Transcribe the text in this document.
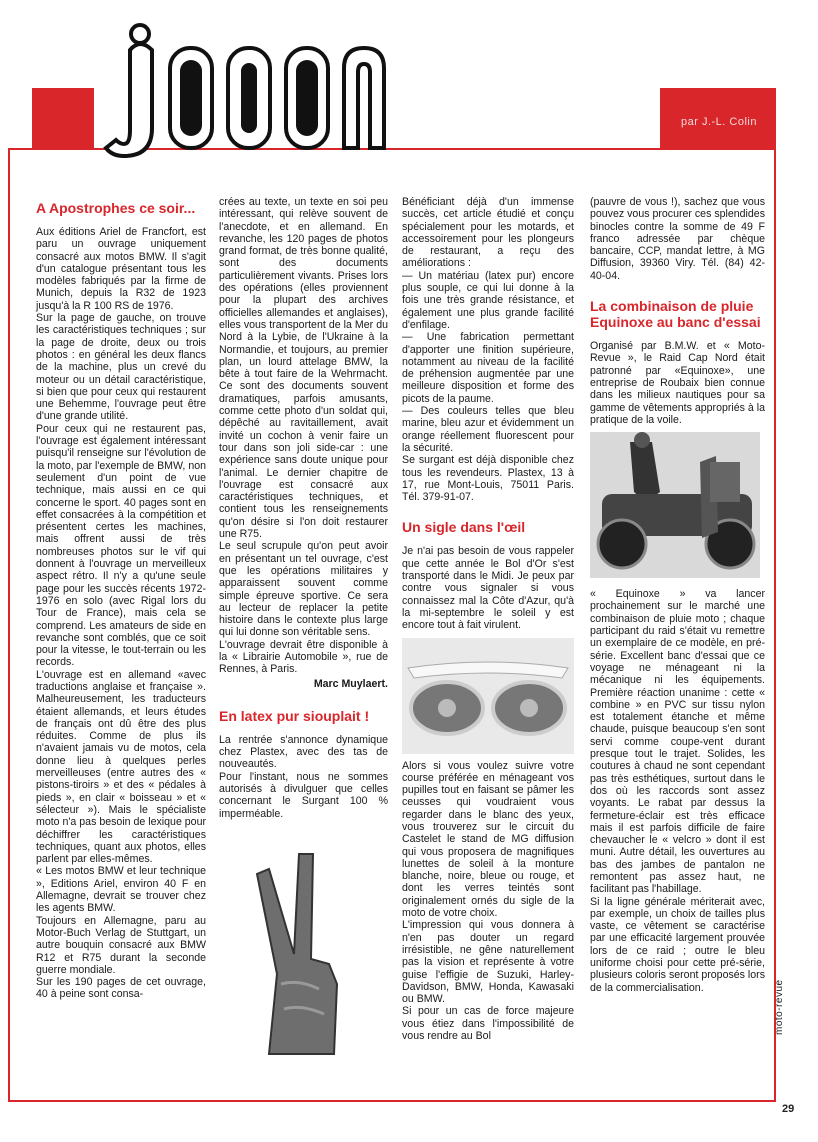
par J.-L. Colin

A Apostrophes ce soir...

Aux éditions Ariel de Francfort, est paru un ouvrage uniquement consacré aux motos BMW. Il s'agit d'un catalogue présentant tous les modèles fabriqués par la firme de Munich, depuis la R32 de 1923 jusqu'à la R 100 RS de 1976.

Sur la page de gauche, on trouve les caractéristiques techniques ; sur la page de droite, deux ou trois photos : en général les deux flancs de la machine, plus un crevé du moteur ou un détail caractéristique, si bien que pour ceux qui restaurent une Behemme, l'ouvrage peut être d'une grande utilité.

Pour ceux qui ne restaurent pas, l'ouvrage est également intéressant puisqu'il renseigne sur l'évolution de la moto, par l'exemple de BMW, non seulement d'un point de vue technique, mais aussi en ce qui concerne le sport. 40 pages sont en effet consacrées à la compétition et présentent certes les machines, mais offrent aussi de très nombreuses photos sur le vif qui donnent à l'ouvrage un merveilleux aspect rétro. Il n'y a qu'une seule page pour les succès récents 1972-1976 en solo (avec Rigal lors du Tour de France), mais cela se comprend. Les amateurs de side en revanche sont comblés, que ce soit pour la vitesse, le tout-terrain ou les records.

L'ouvrage est en allemand «avec traductions anglaise et française ». Malheureusement, les traducteurs étaient allemands, et leurs études de français ont dû être des plus réduites. Comme de plus ils n'avaient jamais vu de motos, cela donne lieu à quelques perles merveilleuses (entre autres des « pistons-tiroirs » et des « pédales à pieds », en clair « boisseau » et « sélecteur »). Mais le spécialiste moto n'a pas besoin de lexique pour déchiffrer les caractéristiques techniques, quant aux photos, elles parlent par elles-mêmes.

« Les motos BMW et leur technique », Editions Ariel, environ 40 F en Allemagne, devrait se trouver chez les agents BMW.

Toujours en Allemagne, paru au Motor-Buch Verlag de Stuttgart, un autre bouquin consacré aux BMW R12 et R75 durant la seconde guerre mondiale.

Sur les 190 pages de cet ouvrage, 40 à peine sont consa-

crées au texte, un texte en soi peu intéressant, qui relève souvent de l'anecdote, et en allemand. En revanche, les 120 pages de photos grand format, de très bonne qualité, sont des documents particulièrement vivants. Prises lors des opérations (elles proviennent pour la plupart des archives officielles allemandes et anglaises), elles vous transportent de la Mer du Nord à la Lybie, de l'Ukraine à la Normandie, et toujours, au premier plan, un lourd attelage BMW, la bête à tout faire de la Wehrmacht. Ce sont des documents souvent dramatiques, parfois amusants, comme cette photo d'un soldat qui, dépêché au ravitaillement, avait invité un cochon à venir faire un tour dans son joli side-car : une expérience sans doute unique pour l'animal. Le dernier chapitre de l'ouvrage est consacré aux caractéristiques techniques, et contient tous les renseignements qu'on désire si l'on doit restaurer une R75.

Le seul scrupule qu'on peut avoir en présentant un tel ouvrage, c'est que les opérations militaires y apparaissent souvent comme simple épreuve sportive. Ce sera au lecteur de replacer la petite histoire dans le contexte plus large qui lui donne son véritable sens.

L'ouvrage devrait être disponible à la « Librairie Automobile », rue de Rennes, à Paris.

Marc Muylaert.

En latex pur siouplait !

La rentrée s'annonce dynamique chez Plastex, avec des tas de nouveautés.

Pour l'instant, nous ne sommes autorisés à divulguer que celles concernant le Surgant 100 % imperméable.

Bénéficiant déjà d'un immense succès, cet article étudié et conçu spécialement pour les motards, et accessoirement pour les plongeurs de restaurant, a reçu des améliorations :

— Un matériau (latex pur) encore plus souple, ce qui lui donne à la fois une très grande résistance, et également une plus grande facilité d'enfilage.

— Une fabrication permettant d'apporter une finition supérieure, notamment au niveau de la facilité de préhension augmentée par une meilleure disposition et forme des picots de la paume.

— Des couleurs telles que bleu marine, bleu azur et évidemment un orange réellement fluorescent pour la sécurité.

Se surgant est déjà disponible chez tous les revendeurs. Plastex, 13 à 17, rue Mont-Louis, 75011 Paris. Tél. 379-91-07.

Un sigle dans l'œil

Je n'ai pas besoin de vous rappeler que cette année le Bol d'Or s'est transporté dans le Midi. Je peux par contre vous signaler si vous connaissez mal la Côte d'Azur, qu'à la mi-septembre le soleil y est encore tout à fait virulent.

Alors si vous voulez suivre votre course préférée en ménageant vos pupilles tout en faisant se pâmer les ceusses qui voudraient vous regarder dans le blanc des yeux, vous trouverez sur le circuit du Castelet le stand de MG diffusion qui vous proposera de magnifiques lunettes de soleil à la monture blanche, noire, bleue ou rouge, et dont les verres teintés sont originalement ornés du sigle de la moto de votre choix.

L'impression qui vous donnera à n'en pas douter un regard irrésistible, ne gêne naturellement pas la vision et représente à votre guise l'effigie de Suzuki, Harley-Davidson, BMW, Honda, Kawasaki ou BMW.

Si pour un cas de force majeure vous étiez dans l'impossibilité de vous rendre au Bol

(pauvre de vous !), sachez que vous pouvez vous procurer ces splendides binocles contre la somme de 49 F franco adressée par chèque bancaire, CCP, mandat lettre, à MG Diffusion, 39360 Viry. Tél. (84) 42-40-04.

La combinaison de pluie Equinoxe au banc d'essai

Organisé par B.M.W. et « Moto-Revue », le Raid Cap Nord était patronné par «Equinoxe», une entreprise de Roubaix bien connue dans les milieux nautiques pour sa gamme de vêtements appropriés à la pratique de la voile.

« Equinoxe » va lancer prochainement sur le marché une combinaison de pluie moto ; chaque participant du raid s'était vu remettre un exemplaire de ce modèle, en pré-série. Excellent banc d'essai que ce voyage ne ménageant ni la mécanique ni les équipements. Première réaction unanime : cette « combine » en PVC sur tissu nylon est totalement étanche et même chaude, puisque beaucoup s'en sont servi comme coupe-vent durant presque tout le trajet. Solides, les coutures à chaud ne sont cependant pas très esthétiques, surtout dans le dos où les raccords sont assez voyants. Le rabat par dessus la fermeture-éclair est très efficace mais il est parfois difficile de faire chevaucher le « velcro » dont il est muni. Autre détail, les ouvertures au bas des jambes de pantalon ne remontent pas assez haut, ne facilitant pas l'habillage.

Si la ligne générale mériterait avec, par exemple, un choix de tailles plus vaste, ce vêtement se caractérise par une efficacité largement prouvée lors de ce raid ; outre le bleu uniforme choisi pour cette pré-série, plusieurs coloris seront proposés lors de la commercialisation.	moto-revue
29
